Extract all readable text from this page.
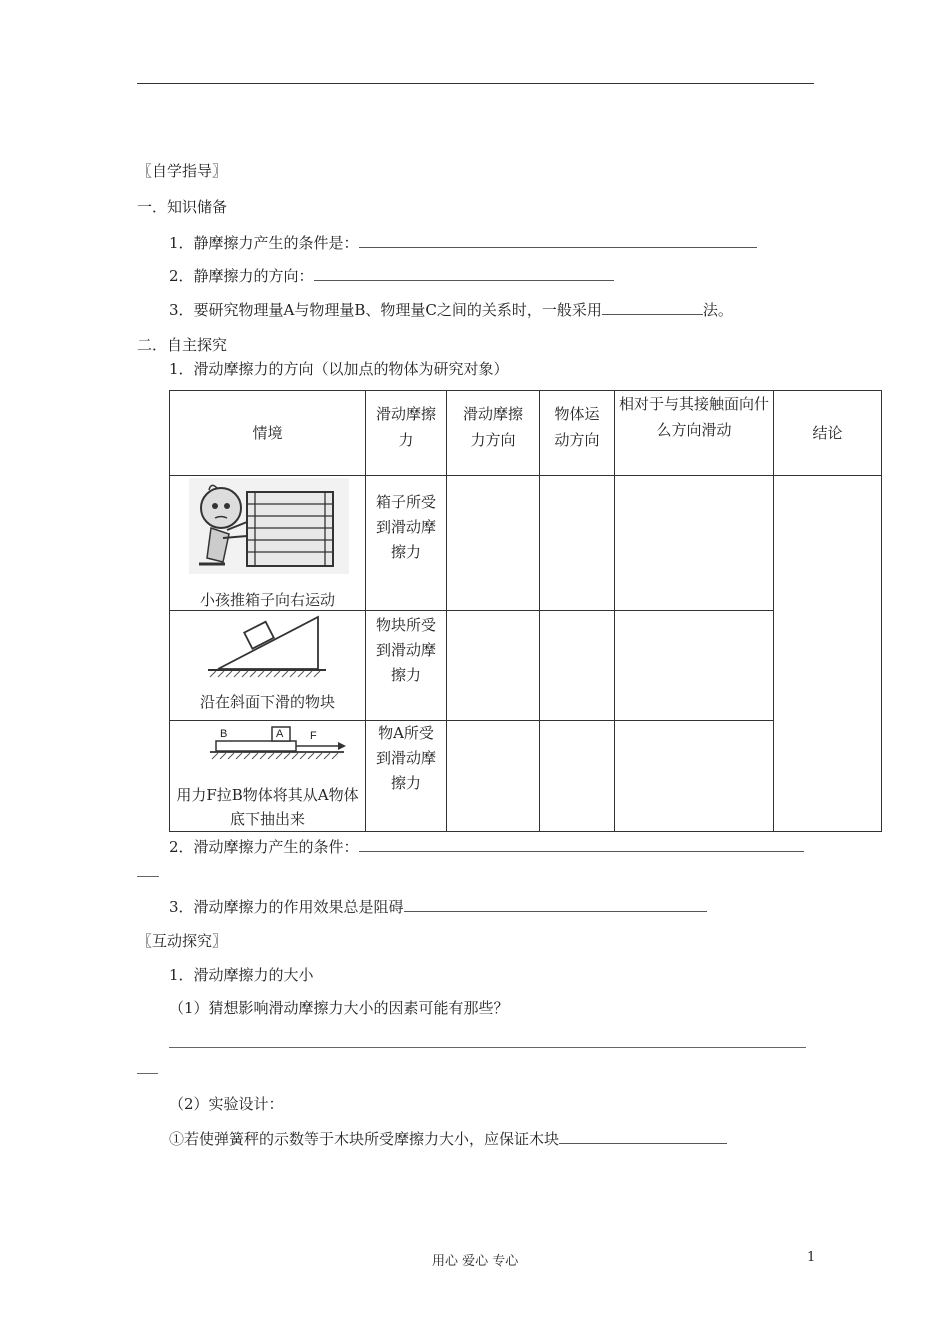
〖自学指导〗
一．知识储备
1．静摩擦力产生的条件是：
2．静摩擦力的方向：
3．要研究物理量A与物理量B、物理量C之间的关系时，一般采用	法。
二．自主探究
1．滑动摩擦力的方向（以加点的物体为研究对象）
情境	滑动摩擦力	滑动摩擦力方向	物体运动方向	相对于与其接触面向什么方向滑动	结论

小孩推箱子向右运动	箱子所受到滑动摩擦力				

沿在斜面下滑的物块	物块所受到滑动摩擦力				

用力F拉B物体将其从A物体底下抽出来	物A所受到滑动摩擦力				

B	A F
2．滑动摩擦力产生的条件：
3．滑动摩擦力的作用效果总是阻碍
〖互动探究〗
1．滑动摩擦力的大小
（1）猜想影响滑动摩擦力大小的因素可能有那些？
（2）实验设计：
①若使弹簧秤的示数等于木块所受摩擦力大小，应保证木块
用心 爱心 专心	1
